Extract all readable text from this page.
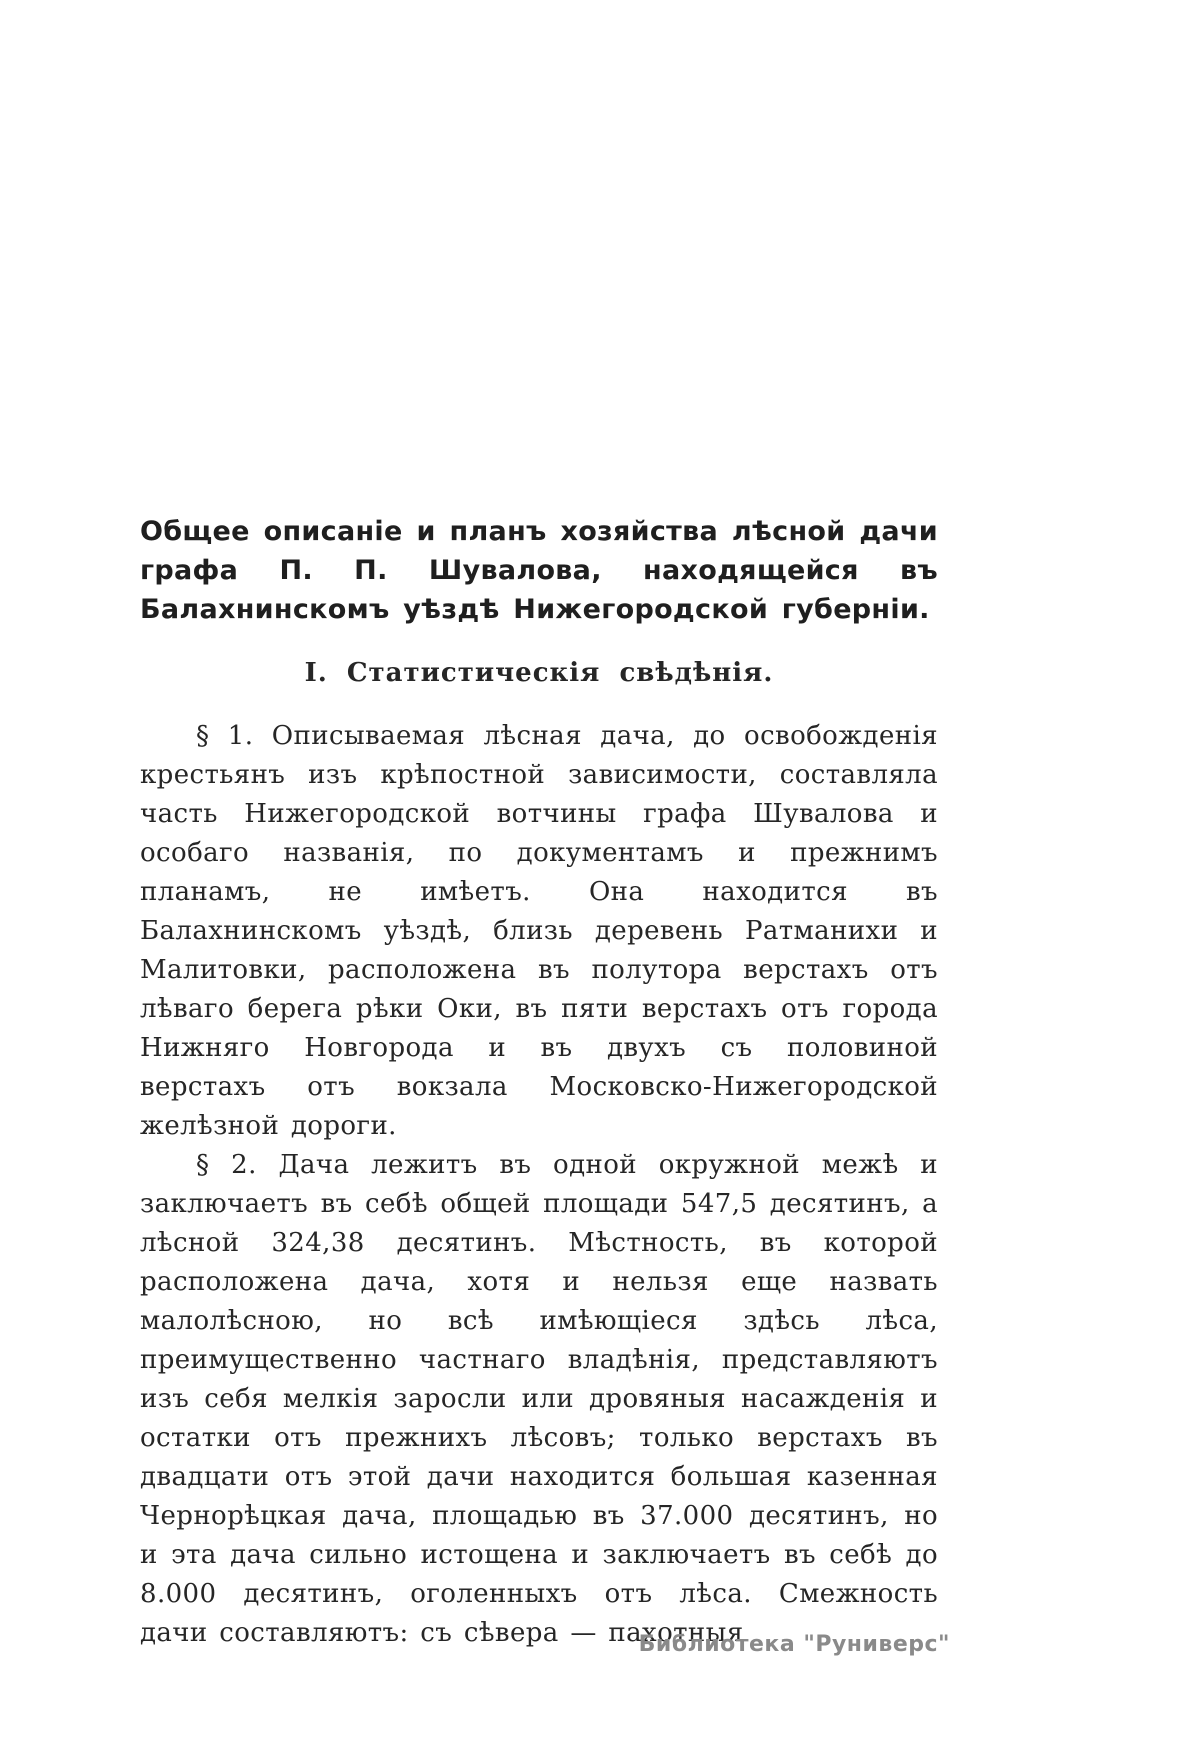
Общее описаніе и планъ хозяйства лѣсной дачи графа П. П. Шувалова, находящейся въ Балахнинскомъ уѣздѣ Нижегородской губерніи.
I. Статистическія свѣдѣнія.

§ 1. Описываемая лѣсная дача, до освобожденія крестьянъ изъ крѣпостной зависимости, составляла часть Нижегородской вотчины графа Шувалова и особаго названія, по документамъ и прежнимъ планамъ, не имѣетъ. Она находится въ Балахнинскомъ уѣздѣ, близь деревень Ратманихи и Малитовки, расположена въ полутора верстахъ отъ лѣваго берега рѣки Оки, въ пяти верстахъ отъ города Нижняго Новгорода и въ двухъ съ половиной верстахъ отъ вокзала Московско-Нижегородской желѣзной дороги.

§ 2. Дача лежитъ въ одной окружной межѣ и заключаетъ въ себѣ общей площади 547,5 десятинъ, а лѣсной 324,38 десятинъ. Мѣстность, въ которой расположена дача, хотя и нельзя еще назвать малолѣсною, но всѣ имѣющіеся здѣсь лѣса, преимущественно частнаго владѣнія, представляютъ изъ себя мелкія заросли или дровяныя насажденія и остатки отъ прежнихъ лѣсовъ; только верстахъ въ двадцати отъ этой дачи находится большая казенная Чернорѣцкая дача, площадью въ 37.000 десятинъ, но и эта дача сильно истощена и заключаетъ въ себѣ до 8.000 десятинъ, оголенныхъ отъ лѣса. Смежность дачи составляютъ: съ сѣвера — пахотныя

Библиотека "Руниверс"
